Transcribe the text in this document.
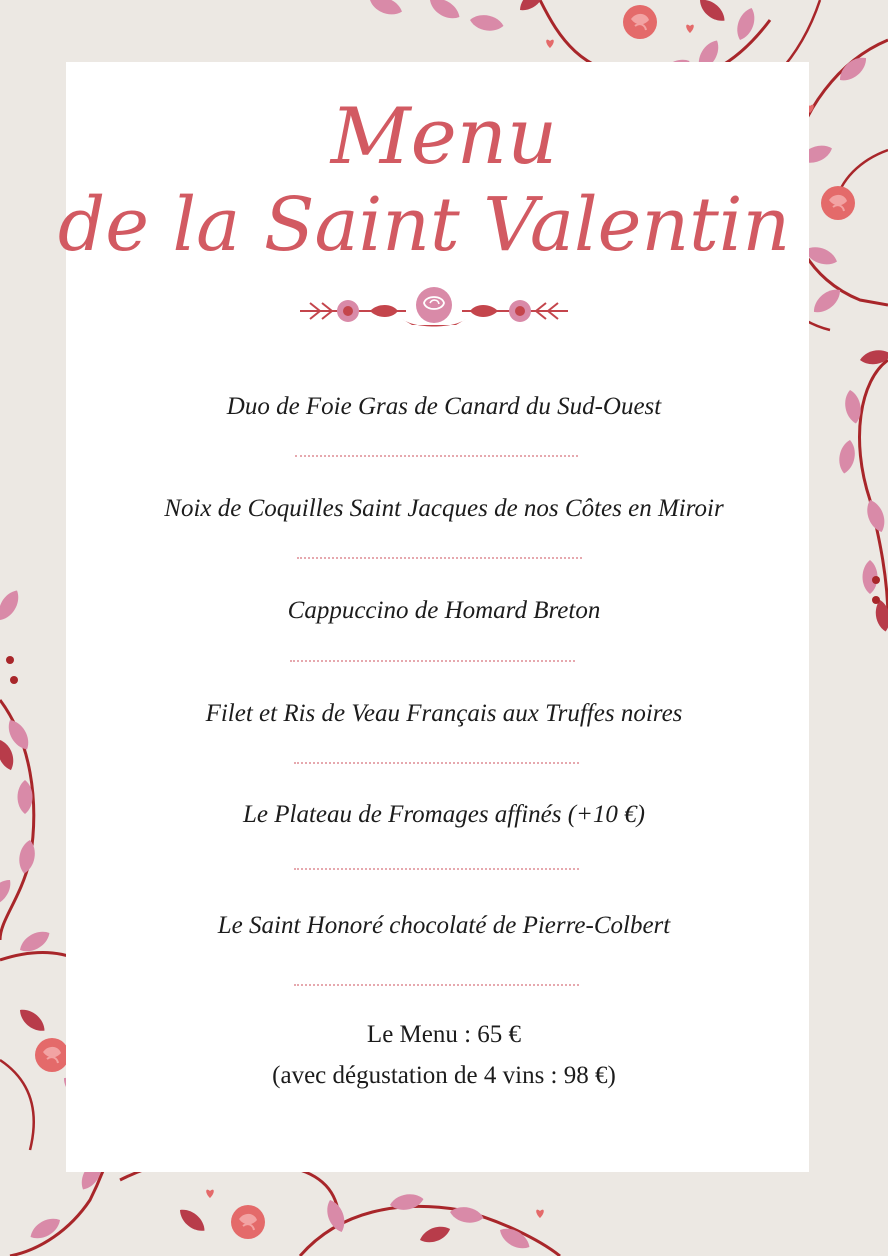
Menu
de la Saint Valentin
Duo de Foie Gras de Canard du Sud-Ouest
Noix de Coquilles Saint Jacques de nos Côtes en Miroir
Cappuccino de Homard Breton
Filet et Ris de Veau Français aux Truffes noires
Le Plateau de Fromages affinés (+10 €)
Le Saint Honoré chocolaté de Pierre-Colbert
Le Menu : 65 €
(avec dégustation de 4 vins : 98 €)
